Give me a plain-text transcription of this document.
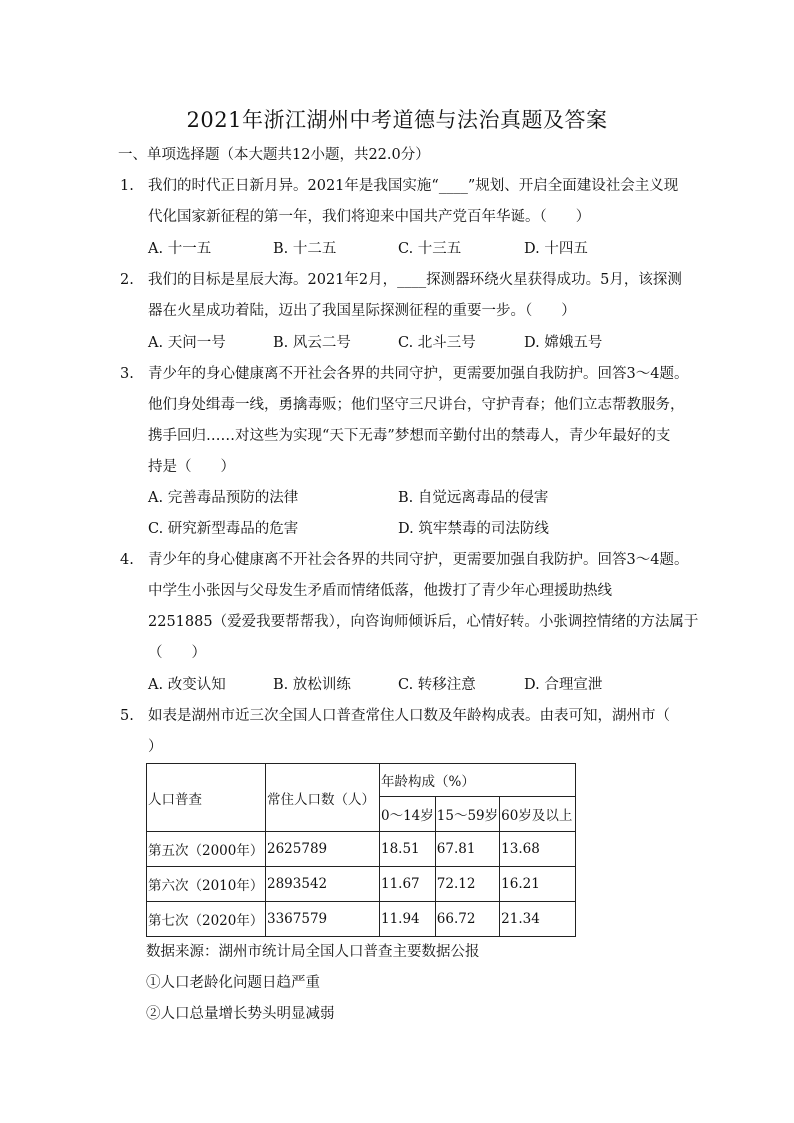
2021年浙江湖州中考道德与法治真题及答案
一、单项选择题（本大题共12小题，共22.0分）
1. 我们的时代正日新月异。2021年是我国实施“____”规划、开启全面建设社会主义现
代化国家新征程的第一年，我们将迎来中国共产党百年华诞。（　　）
A. 十一五	B. 十二五	C. 十三五	D. 十四五
2. 我们的目标是星辰大海。2021年2月，____探测器环绕火星获得成功。5月，该探测
器在火星成功着陆，迈出了我国星际探测征程的重要一步。（　　）
A. 天问一号	B. 风云二号	C. 北斗三号	D. 嫦娥五号
3. 青少年的身心健康离不开社会各界的共同守护，更需要加强自我防护。回答3～4题。
他们身处缉毒一线，勇擒毒贩；他们坚守三尺讲台，守护青春；他们立志帮教服务，
携手回归……对这些为实现“天下无毒”梦想而辛勤付出的禁毒人，青少年最好的支
持是（　　）
A. 完善毒品预防的法律	B. 自觉远离毒品的侵害
C. 研究新型毒品的危害	D. 筑牢禁毒的司法防线
4. 青少年的身心健康离不开社会各界的共同守护，更需要加强自我防护。回答3～4题。
中学生小张因与父母发生矛盾而情绪低落，他拨打了青少年心理援助热线
2251885（爱爱我要帮帮我），向咨询师倾诉后，心情好转。小张调控情绪的方法属于
（　　）
A. 改变认知	B. 放松训练	C. 转移注意	D. 合理宣泄
5. 如表是湖州市近三次全国人口普查常住人口数及年龄构成表。由表可知，湖州市（
）
人口普查	常住人口数（人）	年龄构成（%）		
		0～14岁	15～59岁	60岁及以上
第五次（2000年）	2625789	18.51	67.81	13.68
第六次（2010年）	2893542	11.67	72.12	16.21
第七次（2020年）	3367579	11.94	66.72	21.34
数据来源：湖州市统计局全国人口普查主要数据公报
①人口老龄化问题日趋严重
②人口总量增长势头明显减弱
